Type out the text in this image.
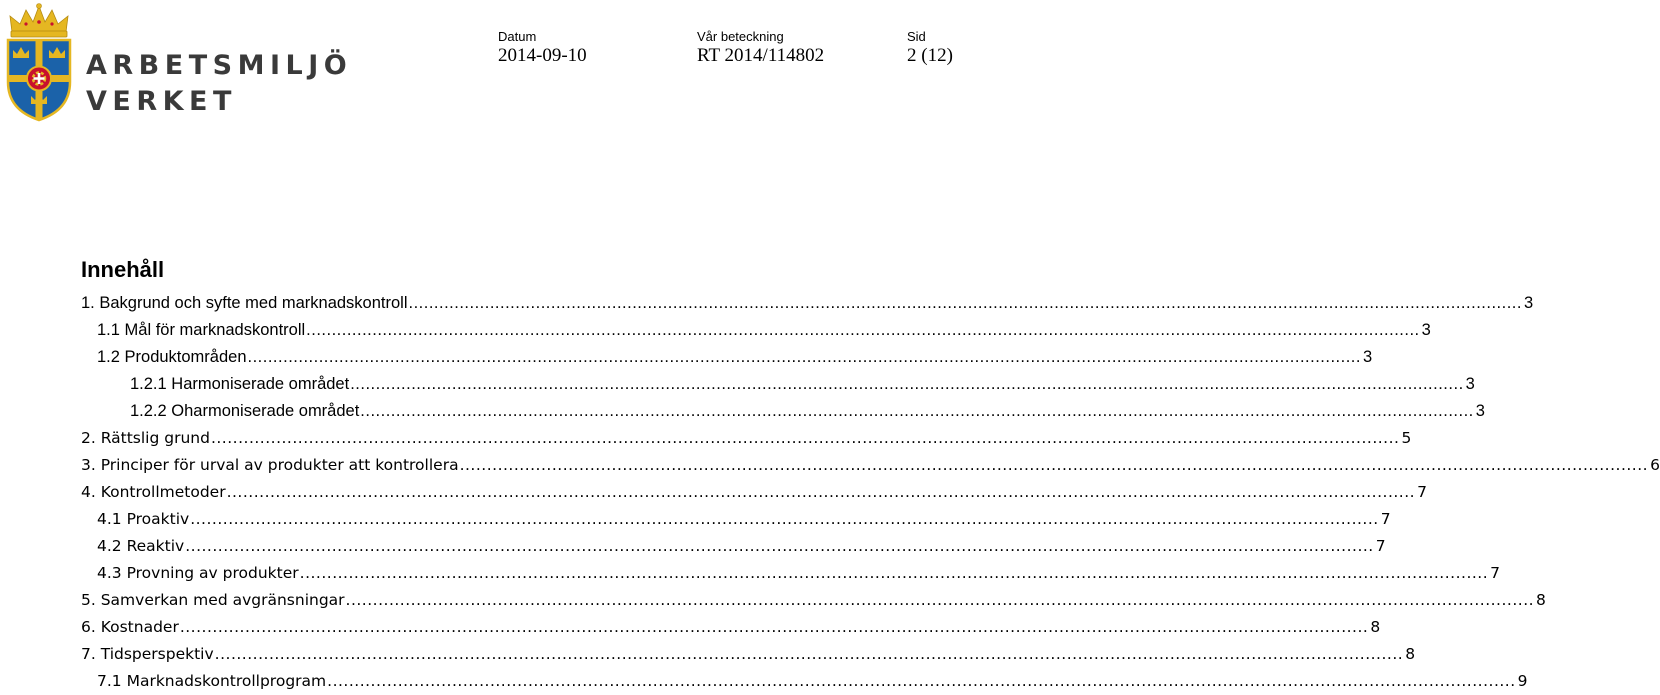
ARBETSMILJÖ
VERKET
Datum
2014-09-10
Vår beteckning
RT 2014/114802
Sid
2 (12)
Innehåll
1. Bakgrund och syfte med marknadskontroll ........................................................................................................................................................................................................................... 3
1.1 Mål för marknadskontroll ........................................................................................................................................................................................................................... 3
1.2 Produktområden ........................................................................................................................................................................................................................... 3
1.2.1 Harmoniserade området ........................................................................................................................................................................................................................... 3
1.2.2 Oharmoniserade området ........................................................................................................................................................................................................................... 3
2. Rättslig grund ........................................................................................................................................................................................................................... 5
3. Principer för urval av produkter att kontrollera ........................................................................................................................................................................................................................... 6
4. Kontrollmetoder ........................................................................................................................................................................................................................... 7
4.1 Proaktiv ........................................................................................................................................................................................................................... 7
4.2 Reaktiv ........................................................................................................................................................................................................................... 7
4.3 Provning av produkter ........................................................................................................................................................................................................................... 7
5. Samverkan med avgränsningar ........................................................................................................................................................................................................................... 8
6. Kostnader ........................................................................................................................................................................................................................... 8
7. Tidsperspektiv ........................................................................................................................................................................................................................... 8
7.1 Marknadskontrollprogram ........................................................................................................................................................................................................................... 9
